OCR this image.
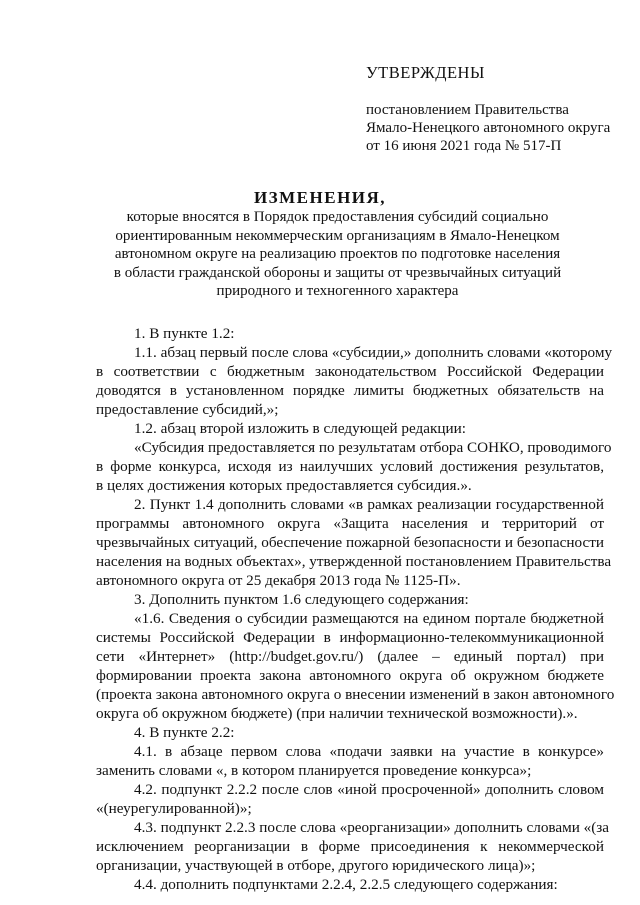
УТВЕРЖДЕНЫ
постановлением Правительства
Ямало-Ненецкого автономного округа
от 16 июня 2021 года № 517-П
ИЗМЕНЕНИЯ,
которые вносятся в Порядок предоставления субсидий социально
ориентированным некоммерческим организациям в Ямало-Ненецком
автономном округе на реализацию проектов по подготовке населения
в области гражданской обороны и защиты от чрезвычайных ситуаций
природного и техногенного характера
1. В пункте 1.2:
1.1. абзац первый после слова «субсидии,» дополнить словами «которому
в соответствии с бюджетным законодательством Российской Федерации
доводятся в установленном порядке лимиты бюджетных обязательств на
предоставление субсидий,»;
1.2. абзац второй изложить в следующей редакции:
«Субсидия предоставляется по результатам отбора СОНКО, проводимого
в форме конкурса, исходя из наилучших условий достижения результатов,
в целях достижения которых предоставляется субсидия.».
2. Пункт 1.4 дополнить словами «в рамках реализации государственной
программы автономного округа «Защита населения и территорий от
чрезвычайных ситуаций, обеспечение пожарной безопасности и безопасности
населения на водных объектах», утвержденной постановлением Правительства
автономного округа от 25 декабря 2013 года № 1125-П».
3. Дополнить пунктом 1.6 следующего содержания:
«1.6. Сведения о субсидии размещаются на едином портале бюджетной
системы Российской Федерации в информационно-телекоммуникационной
сети «Интернет» (http://budget.gov.ru/) (далее – единый портал) при
формировании проекта закона автономного округа об окружном бюджете
(проекта закона автономного округа о внесении изменений в закон автономного
округа об окружном бюджете) (при наличии технической возможности).».
4. В пункте 2.2:
4.1. в абзаце первом слова «подачи заявки на участие в конкурсе»
заменить словами «, в котором планируется проведение конкурса»;
4.2. подпункт 2.2.2 после слов «иной просроченной» дополнить словом
«(неурегулированной)»;
4.3. подпункт 2.2.3 после слова «реорганизации» дополнить словами «(за
исключением реорганизации в форме присоединения к некоммерческой
организации, участвующей в отборе, другого юридического лица)»;
4.4. дополнить подпунктами 2.2.4, 2.2.5 следующего содержания:
